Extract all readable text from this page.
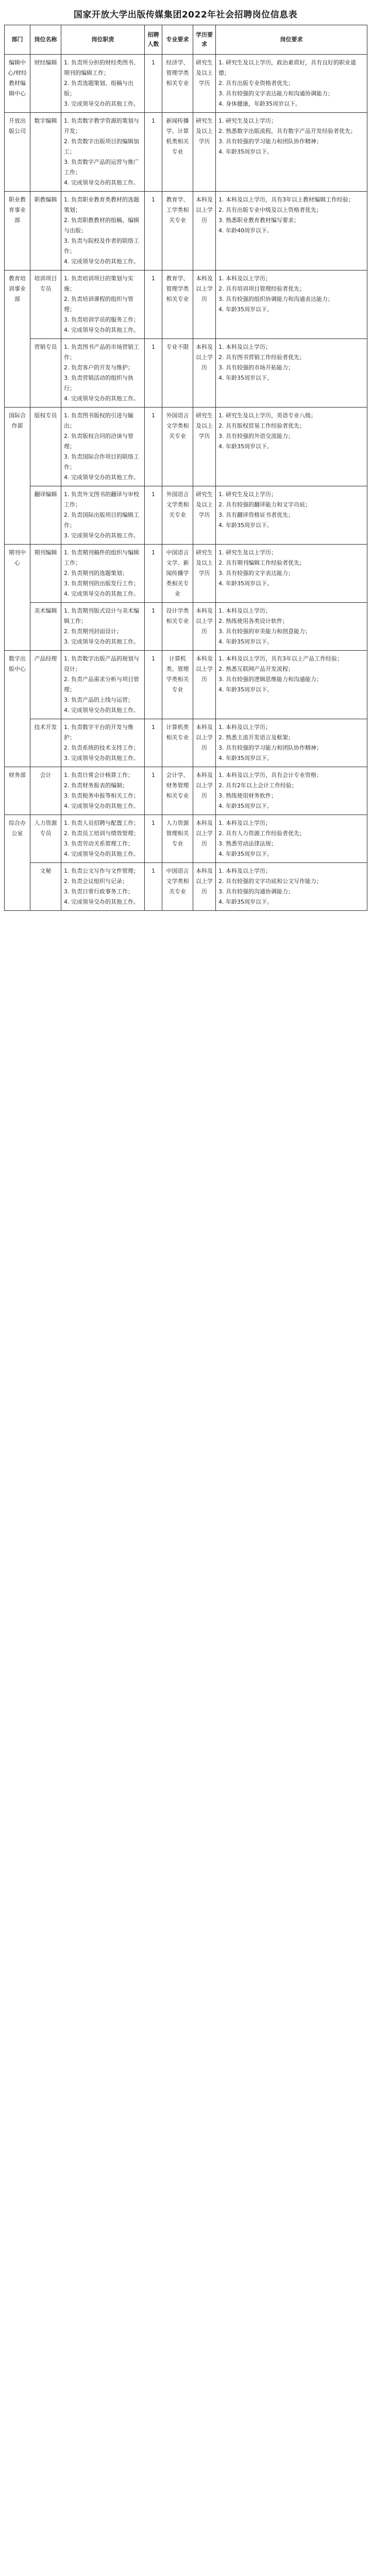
国家开放大学出版传媒集团2022年社会招聘岗位信息表
部门	岗位名称	岗位职责	招聘人数	专业要求	学历要求	岗位要求
编辑中心/财经教材编辑中心	财经编辑	1. 负责所分担的财经类图书、期刊的编辑工作；
2. 负责选题策划、组稿与出版；
3. 完成领导交办的其他工作。	1	经济学、管理学类相关专业	研究生及以上学历	1. 研究生及以上学历，政治素质好，具有良好的职业道德；
2. 具有出版专业资格者优先；
3. 具有较强的文字表达能力和沟通协调能力；
4. 身体健康，年龄35周岁以下。

开放出版公司	数字编辑	1. 负责数字教学资源的策划与开发；
2. 负责数字出版项目的编辑加工；
3. 负责数字产品的运营与推广工作；
4. 完成领导交办的其他工作。	1	新闻传播学、计算机类相关专业	研究生及以上学历	1. 研究生及以上学历；
2. 熟悉数字出版流程，具有数字产品开发经验者优先；
3. 具有较强的学习能力和团队协作精神；
4. 年龄35周岁以下。

职业教育事业部	职教编辑	1. 负责职业教育类教材的选题策划；
2. 负责职教教材的组稿、编辑与出版；
3. 负责与院校及作者的联络工作；
4. 完成领导交办的其他工作。	1	教育学、工学类相关专业	本科及以上学历	1. 本科及以上学历，具有3年以上教材编辑工作经验；
2. 具有出版专业中级及以上资格者优先；
3. 熟悉职业教育教材编写要求；
4. 年龄40周岁以下。

教育培训事业部	培训项目专员	1. 负责培训项目的策划与实施；
2. 负责培训课程的组织与管理；
3. 负责培训学员的服务工作；
4. 完成领导交办的其他工作。	1	教育学、管理学类相关专业	本科及以上学历	1. 本科及以上学历；
2. 具有培训项目管理经验者优先；
3. 具有较强的组织协调能力和沟通表达能力；
4. 年龄35周岁以下。

	营销专员	1. 负责图书产品的市场营销工作；
2. 负责客户的开发与维护；
3. 负责营销活动的组织与执行；
4. 完成领导交办的其他工作。	1	专业不限	本科及以上学历	1. 本科及以上学历；
2. 具有图书营销工作经验者优先；
3. 具有较强的市场开拓能力；
4. 年龄35周岁以下。

国际合作部	版权专员	1. 负责图书版权的引进与输出；
2. 负责版权合同的洽谈与管理；
3. 负责国际合作项目的联络工作；
4. 完成领导交办的其他工作。	1	外国语言文学类相关专业	研究生及以上学历	1. 研究生及以上学历，英语专业八级；
2. 具有版权贸易工作经验者优先；
3. 具有较强的外语交流能力；
4. 年龄35周岁以下。

	翻译编辑	1. 负责外文图书的翻译与审校工作；
2. 负责国际出版项目的编辑工作；
3. 完成领导交办的其他工作。	1	外国语言文学类相关专业	研究生及以上学历	1. 研究生及以上学历；
2. 具有较强的翻译能力和文字功底；
3. 具有翻译资格证书者优先；
4. 年龄35周岁以下。

期刊中心	期刊编辑	1. 负责期刊稿件的组织与编辑工作；
2. 负责期刊的选题策划；
3. 负责期刊的出版发行工作；
4. 完成领导交办的其他工作。	1	中国语言文学、新闻传播学类相关专业	研究生及以上学历	1. 研究生及以上学历；
2. 具有期刊编辑工作经验者优先；
3. 具有较强的文字表达能力；
4. 年龄35周岁以下。

	美术编辑	1. 负责期刊版式设计与美术编辑工作；
2. 负责期刊封面设计；
3. 完成领导交办的其他工作。	1	设计学类相关专业	本科及以上学历	1. 本科及以上学历；
2. 熟练使用各类设计软件；
3. 具有较强的审美能力和创意能力；
4. 年龄35周岁以下。

数字出版中心	产品经理	1. 负责数字出版产品的规划与设计；
2. 负责产品需求分析与项目管理；
3. 负责产品的上线与运营；
4. 完成领导交办的其他工作。	1	计算机类、管理学类相关专业	本科及以上学历	1. 本科及以上学历，具有3年以上产品工作经验；
2. 熟悉互联网产品开发流程；
3. 具有较强的逻辑思维能力和沟通能力；
4. 年龄35周岁以下。

	技术开发	1. 负责数字平台的开发与维护；
2. 负责系统的技术支持工作；
3. 完成领导交办的其他工作。	1	计算机类相关专业	本科及以上学历	1. 本科及以上学历；
2. 熟悉主流开发语言及框架；
3. 具有较强的学习能力和团队协作精神；
4. 年龄35周岁以下。

财务部	会计	1. 负责日常会计核算工作；
2. 负责财务报表的编制；
3. 负责税务申报等相关工作；
4. 完成领导交办的其他工作。	1	会计学、财务管理相关专业	本科及以上学历	1. 本科及以上学历，具有会计专业资格；
2. 具有2年以上会计工作经验；
3. 熟练使用财务软件；
4. 年龄35周岁以下。

综合办公室	人力资源专员	1. 负责人员招聘与配置工作；
2. 负责员工培训与绩效管理；
3. 负责劳动关系管理工作；
4. 完成领导交办的其他工作。	1	人力资源管理相关专业	本科及以上学历	1. 本科及以上学历；
2. 具有人力资源工作经验者优先；
3. 熟悉劳动法律法规；
4. 年龄35周岁以下。

	文秘	1. 负责公文写作与文件管理；
2. 负责会议组织与记录；
3. 负责日常行政事务工作；
4. 完成领导交办的其他工作。	1	中国语言文学类相关专业	本科及以上学历	1. 本科及以上学历；
2. 具有较强的文字功底和公文写作能力；
3. 具有较强的沟通协调能力；
4. 年龄35周岁以下。
